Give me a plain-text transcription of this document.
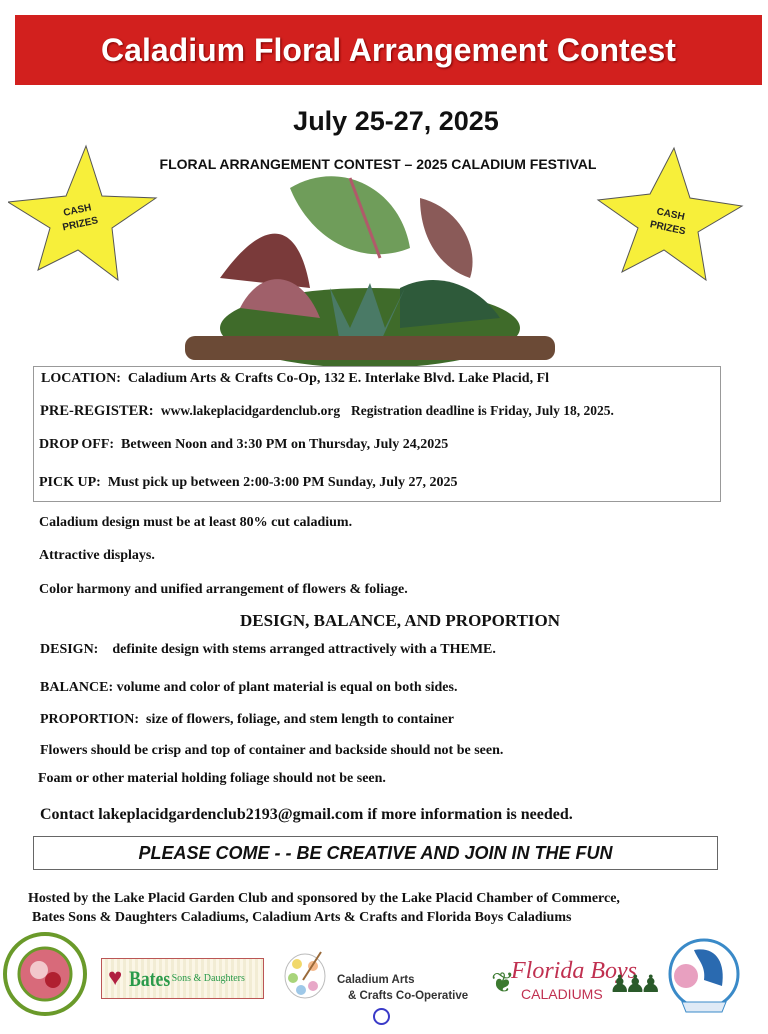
Caladium Floral Arrangement Contest
July 25-27, 2025
FLORAL ARRANGEMENT CONTEST – 2025 CALADIUM FESTIVAL
CASH
PRIZES
CASH
PRIZES
LOCATION: Caladium Arts & Crafts Co-Op, 132 E. Interlake Blvd. Lake Placid, Fl
PRE-REGISTER: www.lakeplacidgardenclub.org Registration deadline is Friday, July 18, 2025.
DROP OFF: Between Noon and 3:30 PM on Thursday, July 24,2025
PICK UP: Must pick up between 2:00-3:00 PM Sunday, July 27, 2025
Caladium design must be at least 80% cut caladium.
Attractive displays.
Color harmony and unified arrangement of flowers & foliage.
DESIGN, BALANCE, AND PROPORTION
DESIGN:    definite design with stems arranged attractively with a THEME.
BALANCE: volume and color of plant material is equal on both sides.
PROPORTION:  size of flowers, foliage, and stem length to container
Flowers should be crisp and top of container and backside should not be seen.
Foam or other material holding foliage should not be seen.
Contact lakeplacidgardenclub2193@gmail.com if more information is needed.
PLEASE COME - - BE CREATIVE AND JOIN IN THE FUN
Hosted by the Lake Placid Garden Club and sponsored by the Lake Placid Chamber of Commerce,
Bates Sons & Daughters Caladiums, Caladium Arts & Crafts and Florida Boys Caladiums
♥ Bates Sons & Daughters	Caladium Arts
& Crafts Co-Operative ❦
Florida Boys
CALADIUMS ♟♟♟
